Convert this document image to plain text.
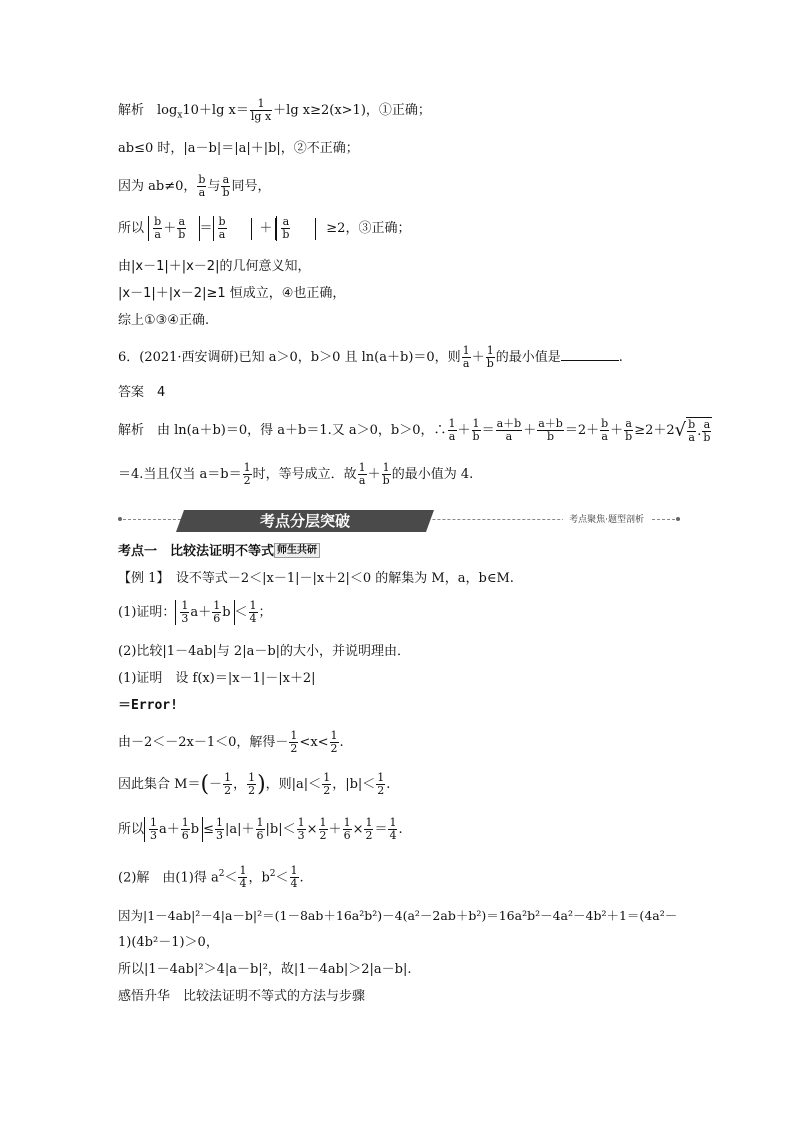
解析　$\log_x10+\lg$ $x= \frac{1}{\text{lg x}} +\lg$ x≥2(x>1)，①正确；
ab≤0 时，|a－b|＝|a|＋|b|，②不正确；
因为 ab≠0， $\frac{b}{a}$ 与 $\frac{a}{b}$ 同号，
所以 $\frac{b}{a} + \frac{a}{b} = \frac{b}{a}$	＋ $\frac{a}{b}$	≥2，③正确；
由|x－1|＋|x－2|的几何意义知，
|x－1|＋|x－2|≥1 恒成立，④也正确，
综上①③④正确.
6．(2021·西安调研)已知 a＞0，b＞0 且 ln(a＋b)＝0，则 $\frac{1}{a} + \frac{1}{b}$ 的最小值是	.
答案　4
解析　由 ln(a＋b)＝0，得 a＋b＝1.又 a＞0，b＞0，∴ $\frac{1}{a} + \frac{1}{b} = \frac{a+b}{a} + \frac{a+b}{b} =2+ \frac{b}{a} + \frac{a}{b} \ge 2+2√ \frac{b}{a}$ . $\frac{a}{b}$
＝4.当且仅当 $a=b= \frac{1}{2}$ 时，等号成立．故 $\frac{1}{a} + \frac{1}{b}$ 的最小值为 4.
考点分层突破	考点聚焦·题型剖析
考点一　比较法证明不等式 师生共研
【例 1】　设不等式－2＜|x－1|－|x＋2|＜0 的解集为 M，a，b∈M.
(1)证明： $\frac{1}{3} a+ \frac{1}{6}$ $b < \frac{1}{4}$ ；
(2)比较|1－4ab|与 2|a－b|的大小，并说明理由．
(1)证明　设 f(x)＝|x－1|－|x＋2|
＝Error!
由－2＜－2x－1＜0，解得－ $\frac{1}{2} <x< \frac{1}{2}$ .
因此集合 $M=(- \frac{1}{2}$ ， $\frac{1}{2}$ )，则$|a|< \frac{1}{2}$ ，$|b|< \frac{1}{2}$ .
所以 $\frac{1}{3} a+ \frac{1}{6}$ $b \le \frac{1}{3} |a|+ \frac{1}{6} |b|< \frac{1}{3} \times \frac{1}{2} + \frac{1}{6} \times \frac{1}{2} = \frac{1}{4}$ .
(2)解　由(1)得 $a^2< \frac{1}{4}$ ，$b^2< \frac{1}{4}$ .
因为|1－4ab|²－4|a－b|²＝(1－8ab＋16a²b²)－4(a²－2ab＋b²)＝16a²b²－4a²－4b²＋1＝(4a²－
1)(4b²－1)＞0，
所以|1－4ab|²＞4|a－b|²，故|1－4ab|＞2|a－b|.
感悟升华　比较法证明不等式的方法与步骤
